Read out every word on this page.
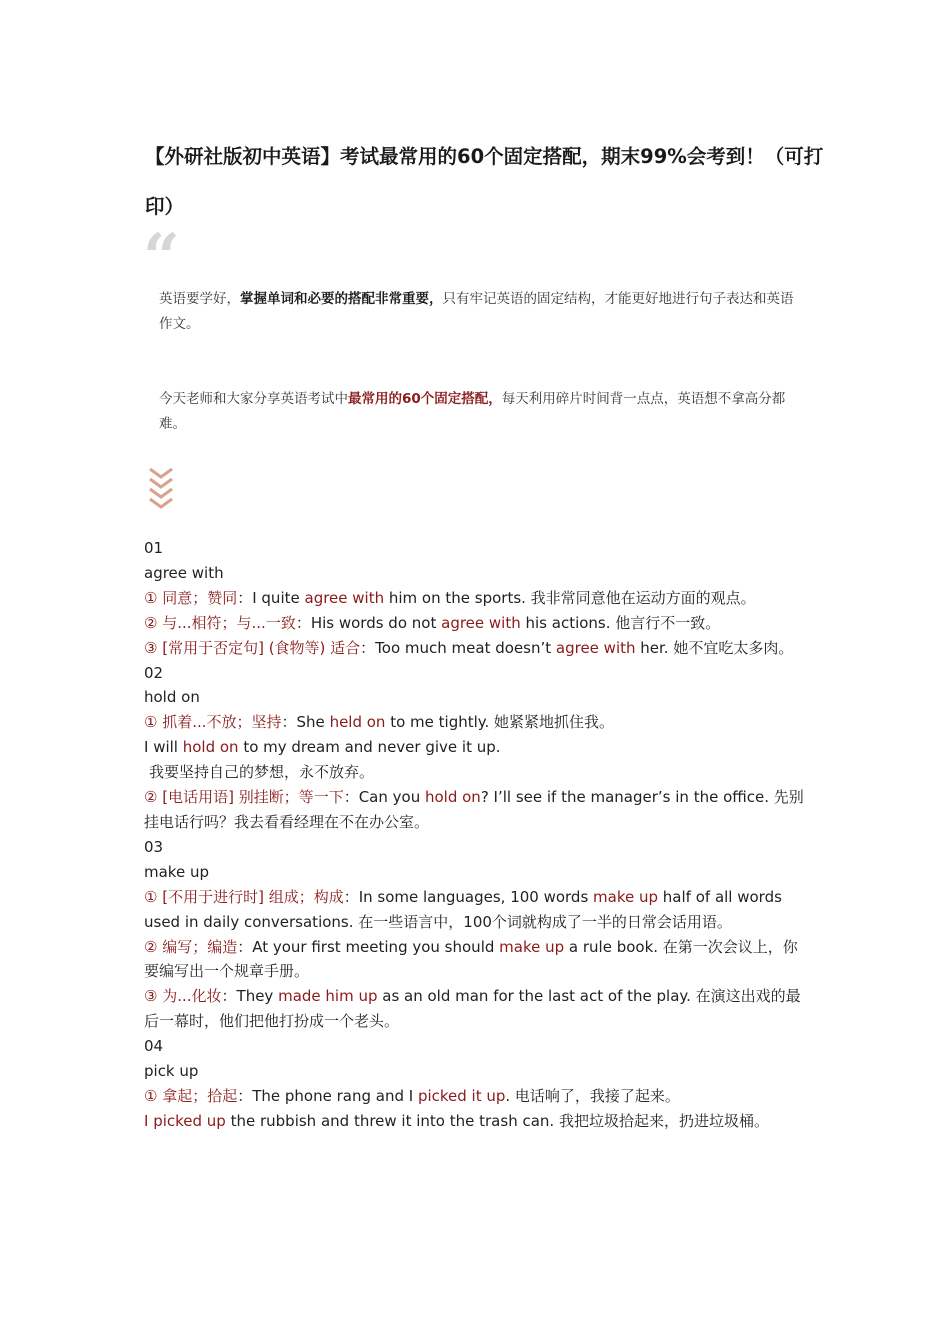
【外研社版初中英语】考试最常用的60个固定搭配，期末99%会考到！（可打印）
“
英语要学好，掌握单词和必要的搭配非常重要，只有牢记英语的固定结构，才能更好地进行句子表达和英语作文。
今天老师和大家分享英语考试中最常用的60个固定搭配，每天利用碎片时间背一点点，英语想不拿高分都难。

01

agree with

① 同意；赞同：I quite agree with him on the sports. 我非常同意他在运动方面的观点。

② 与...相符；与...一致：His words do not agree with his actions. 他言行不一致。

③ [常用于否定句] (食物等) 适合：Too much meat doesn’t agree with her. 她不宜吃太多肉。

02

hold on

① 抓着...不放；坚持：She held on to me tightly. 她紧紧地抓住我。

I will hold on to my dream and never give it up.

我要坚持自己的梦想，永不放弃。

② [电话用语] 别挂断；等一下：Can you hold on? I’ll see if the manager’s in the office. 先别挂电话行吗？我去看看经理在不在办公室。

03

make up

① [不用于进行时] 组成；构成：In some languages, 100 words make up half of all words used in daily conversations. 在一些语言中，100个词就构成了一半的日常会话用语。

② 编写；编造：At your first meeting you should make up a rule book. 在第一次会议上，你要编写出一个规章手册。

③ 为...化妆：They made him up as an old man for the last act of the play. 在演这出戏的最后一幕时，他们把他打扮成一个老头。

04

pick up

① 拿起；拾起：The phone rang and I picked it up. 电话响了，我接了起来。

I picked up the rubbish and threw it into the trash can. 我把垃圾拾起来，扔进垃圾桶。
